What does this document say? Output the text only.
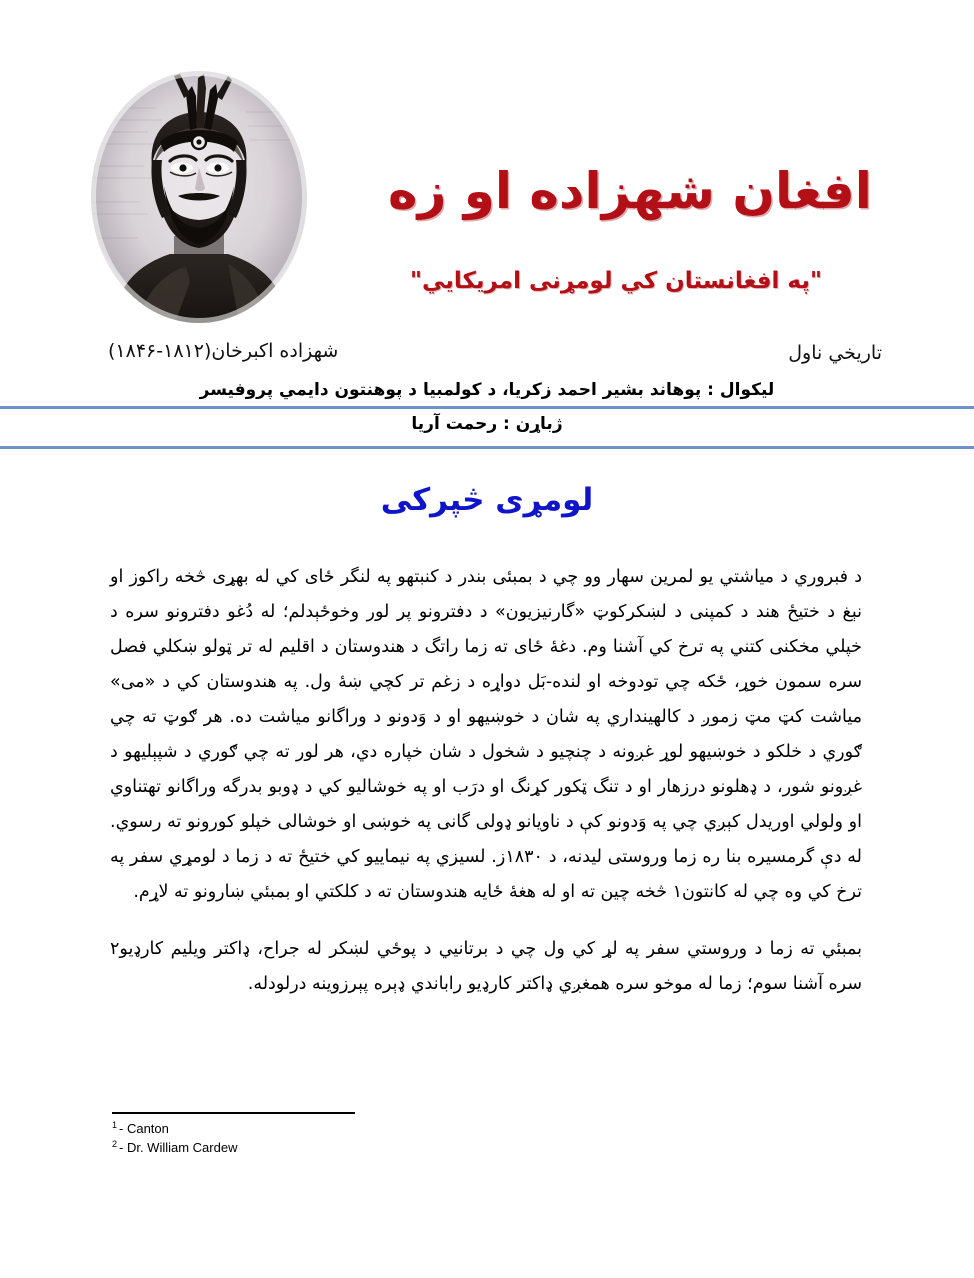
افغان شهزاده او زه
"په افغانستان کي لومړنی امریکايي"
تاریخي ناول
شهزاده اکبرخان(۱۸۱۲-۱۸۴۶)
لیکوال : پوهاند بشیر احمد زکریا، د کولمبیا د پوهنتون دایمي پروفیسر
ژباړن : رحمت آریا
لومړی څپرکی

د فبروري د میاشتي یو لمرین سهار وو چي د بمبئی بندر د کنبتهو په لنگر ځای کي له بهړی څخه راکوز او نېغ د ختیځ هند د کمپنی د لښکرکوټ «گارنیزیون» د دفترونو پر لور وخوځېدلم؛ له دُغو دفترونو سره د خپلي مخکنی کتني په ترخ کي آشنا وم. دغهٔ ځای ته زما راتگ د هندوستان د اقلیم له تر ټولو ښکلي فصل سره سمون خوړ، ځکه چي تودوخه او لنده-بَل دواړه د زغم تر کچي ښهٔ ول. په هندوستان کي د «می» میاشت کټ مټ زموږ د کالهینداري په شان د خوښیهو او د وَدونو د وراگانو میاشت ده. هر ګوټ ته چي ګوري د خلکو د خوښیهو لوړ غږونه د چنچیو د شخول د شان خپاره دي، هر لور ته چي ګوري د شپېلیهو د غږونو شور، د ډهلونو درزهار او د تنگ ټکور کړنگ او درَب او په خوشالیو کي د ډوبو بدرگه وراگانو تهتناوي او ولولي اوریدل کېږي چي په وَدونو کې د ناویانو ډولی گانی په خوښی او خوشالی خپلو کورونو ته رسوي. له دې گرمسیره بنا ره زما وروستی لیدنه، د ۱۸۳۰ز. لسیزي په نیمایيو کي ختیځ ته د زما د لومړي سفر په ترخ کي وه چي له کانتون١ څخه چین ته او له هغهٔ ځایه هندوستان ته د کلکتي او بمبئي ښارونو ته لاړم.

بمبئي ته زما د وروستي سفر په لړ کي ول چي د برتانیي د پوځي لښکر له جراح، ډاکتر ویلیم کارډیو٢ سره آشنا سوم؛ زما له موخو سره همغږي ډاکتر کارډیو راباندي ډېره پېرزوینه درلودله.

$^1$ - Canton
$^2$ - Dr. William Cardew
